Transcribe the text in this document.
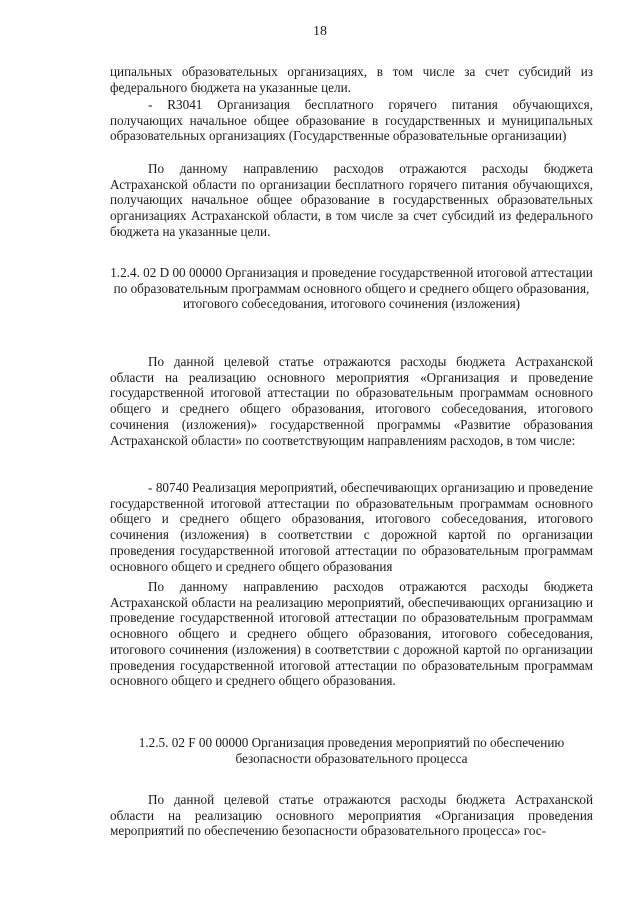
18

ципальных образовательных организациях, в том числе за счет субсидий из федерального бюджета на указанные цели.

- R3041 Организация бесплатного горячего питания обучающихся, получающих начальное общее образование в государственных и муниципальных образовательных организациях (Государственные образовательные организации)

По данному направлению расходов отражаются расходы бюджета Астраханской области по организации бесплатного горячего питания обучающихся, получающих начальное общее образование в государственных образовательных организациях Астраханской области, в том числе за счет субсидий из федерального бюджета на указанные цели.

1.2.4. 02 D 00 00000 Организация и проведение государственной итоговой аттестации по образовательным программам основного общего и среднего общего образования, итогового собеседования, итогового сочинения (изложения)

По данной целевой статье отражаются расходы бюджета Астраханской области на реализацию основного мероприятия «Организация и проведение государственной итоговой аттестации по образовательным программам основного общего и среднего общего образования, итогового собеседования, итогового сочинения (изложения)» государственной программы «Развитие образования Астраханской области» по соответствующим направлениям расходов, в том числе:

- 80740 Реализация мероприятий, обеспечивающих организацию и проведение государственной итоговой аттестации по образовательным программам основного общего и среднего общего образования, итогового собеседования, итогового сочинения (изложения) в соответствии с дорожной картой по организации проведения государственной итоговой аттестации по образовательным программам основного общего и среднего общего образования

По данному направлению расходов отражаются расходы бюджета Астраханской области на реализацию мероприятий, обеспечивающих организацию и проведение государственной итоговой аттестации по образовательным программам основного общего и среднего общего образования, итогового собеседования, итогового сочинения (изложения) в соответствии с дорожной картой по организации проведения государственной итоговой аттестации по образовательным программам основного общего и среднего общего образования.

1.2.5. 02 F 00 00000 Организация проведения мероприятий по обеспечению безопасности образовательного процесса

По данной целевой статье отражаются расходы бюджета Астраханской области на реализацию основного мероприятия «Организация проведения мероприятий по обеспечению безопасности образовательного процесса» гос-
